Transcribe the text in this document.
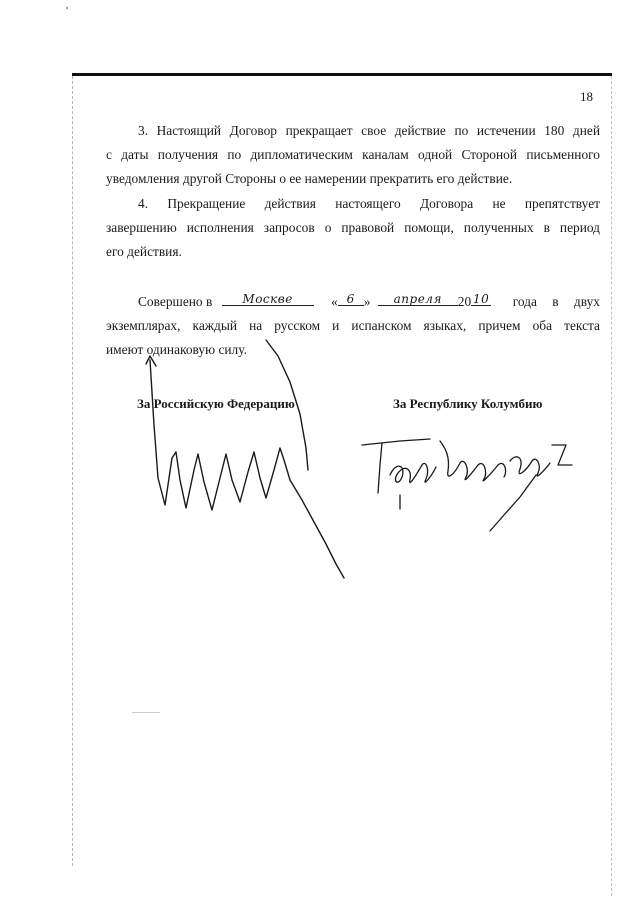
18
3. Настоящий Договор прекращает свое действие по истечении 180 дней
с даты получения по дипломатическим каналам одной Стороной письменного
уведомления другой Стороны о ее намерении прекратить его действие.
4. Прекращение действия настоящего Договора не препятствует
завершению исполнения запросов о правовой помощи, полученных в период
его действия.
Совершено в	Москве	« 6 » апреля 20 10 года в двух
экземплярах, каждый на русском и испанском языках, причем оба текста
имеют одинаковую силу.
За Российскую Федерацию	За Республику Колумбию
